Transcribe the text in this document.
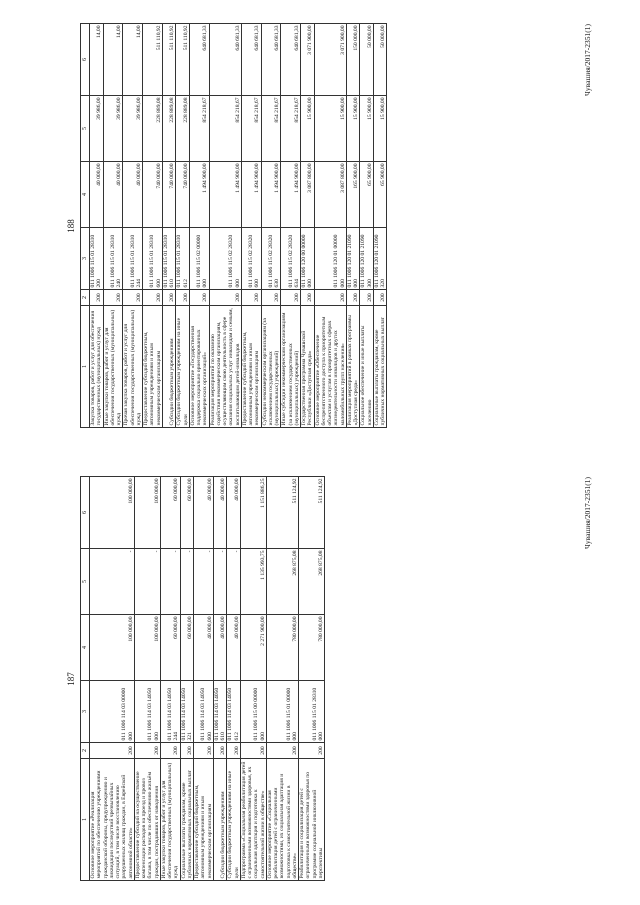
187
1	2	3	4	5	6
Основное мероприятие «Реализация мероприятий по обеспечению учреждениями гражданской обороны, предупреждению и ликвидации последствий чрезвычайных ситуаций, в том числе восстановлению разрушенных жилищ граждан, в Еврейской автономной области»	200	011 1006 114 03 00000 000	100 000,00	-	100 000,00
Предоставление субсидий на осуществление компенсации расходов на проезд и провоз багажа, в том числе по обеспечению жильём граждан, пострадавших от наводнения	200	011 1006 114 03 14050 000	100 000,00	-	100 000,00
Иные закупки товаров, работ и услуг для обеспечения государственных (муниципальных) нужд	200	011 1006 114 03 14050 244	60 000,00	-	60 000,00
Социальные выплаты гражданам, кроме публичных нормативных социальных выплат	200	011 1006 114 03 14050 321	60 000,00	-	60 000,00
Предоставление субсидий бюджетным, автономным учреждениям и иным некоммерческим организациям	200	011 1006 114 03 14050 600	40 000,00	-	40 000,00
Субсидии бюджетным учреждениям	200	011 1006 114 03 14050 610	40 000,00	-	40 000,00
Субсидии бюджетным учреждениям на иные цели	200	011 1006 114 03 14050 612	40 000,00	-	40 000,00
Подпрограмма «Социальная реабилитация детей с ограниченными возможностями здоровья, их социальная адаптация и подготовка к самостоятельной жизни в обществе»	200	011 1006 115 00 00000 000	2 271 900,00	1 135 993,75	1 151 886,25
Основное мероприятие «Социальная реабилитация детей с ограниченными возможностями, их социальная адаптация и подготовка к самостоятельной жизни в обществе»	200	011 1006 115 01 00000 000	780 000,00	268 875,08	511 124,92
Реабилитация и социализация детей с ограниченными возможностями здоровья по программе социальной инклюзивной перспективы	200	011 1006 115 01 28310 000	780 000,00	268 875,08	511 124,92	Чувашия/2017-2351(1)
188
1	2	3	4	5	6
Закупка товаров, работ и услуг для обеспечения государственных (муниципальных) нужд	200	011 1006 115 01 28310 200	40 000,00	39 986,00	14,00
Иные закупки товаров, работ и услуг для обеспечения государственных (муниципальных) нужд	200	011 1006 115 01 28310 240	40 000,00	39 986,00	14,00
Прочая закупка товаров, работ и услуг для обеспечения государственных (муниципальных) нужд	200	011 1006 115 01 28310 244	40 000,00	39 986,00	14,00
Предоставление субсидий бюджетным, автономным учреждениям и иным некоммерческим организациям	200	011 1006 115 01 28310 600	740 000,00	228 889,08	511 110,92
Субсидии бюджетным учреждениям	200	011 1006 115 01 28310 610	740 000,00	228 889,08	511 110,92
Субсидии бюджетным учреждениям на иные цели	200	011 1006 115 01 28310 612	740 000,00	228 889,08	511 110,92
Основное мероприятие «Государственная поддержка социально ориентированных некоммерческих организаций»	200	011 1006 115 02 00000 000	1 494 900,00	854 218,67	640 681,33
Реализация мероприятий по оказанию содействия некоммерческим организациям, осуществляющим свою деятельность в сфере оказания социальных услуг инвалидам и семьям, воспитывающим детей-инвалидов	200	011 1006 115 02 28320 000	1 494 900,00	854 218,67	640 681,33
Предоставление субсидий бюджетным, автономным учреждениям и иным некоммерческим организациям	200	011 1006 115 02 28320 600	1 494 900,00	854 218,67	640 681,33
Субсидии некоммерческим организациям (за исключением государственных (муниципальных) учреждений)	200	011 1006 115 02 28320 630	1 494 900,00	854 218,67	640 681,33
Иные субсидии некоммерческим организациям (за исключением государственных (муниципальных) учреждений)	200	011 1006 115 02 28320 634	1 494 900,00	854 218,67	640 681,33
Государственная программа Чувашской Республики «Доступная среда»	200	011 1006 120 00 00000 000	3 087 800,00	15 900,00	3 071 900,00
Основное мероприятие «Обеспечение беспрепятственного доступа к приоритетным объектам и услугам в приоритетных сферах жизнедеятельности инвалидов и других маломобильных групп населения»	200	011 1006 120 01 00000 000	3 087 800,00	15 900,00	3 071 900,00
Реализация мероприятий в рамках программы «Доступная среда»	200	011 1006 120 01 21090 000	165 900,00	15 900,00	150 000,00
Социальное обеспечение и иные выплаты населению	200	011 1006 120 01 21090 300	65 900,00	15 900,00	50 000,00
Социальные выплаты гражданам, кроме публичных нормативных социальных выплат	200	011 1006 120 01 21090 320	65 900,00	15 900,00	50 000,00	Чувашия/2017-2351(1)
